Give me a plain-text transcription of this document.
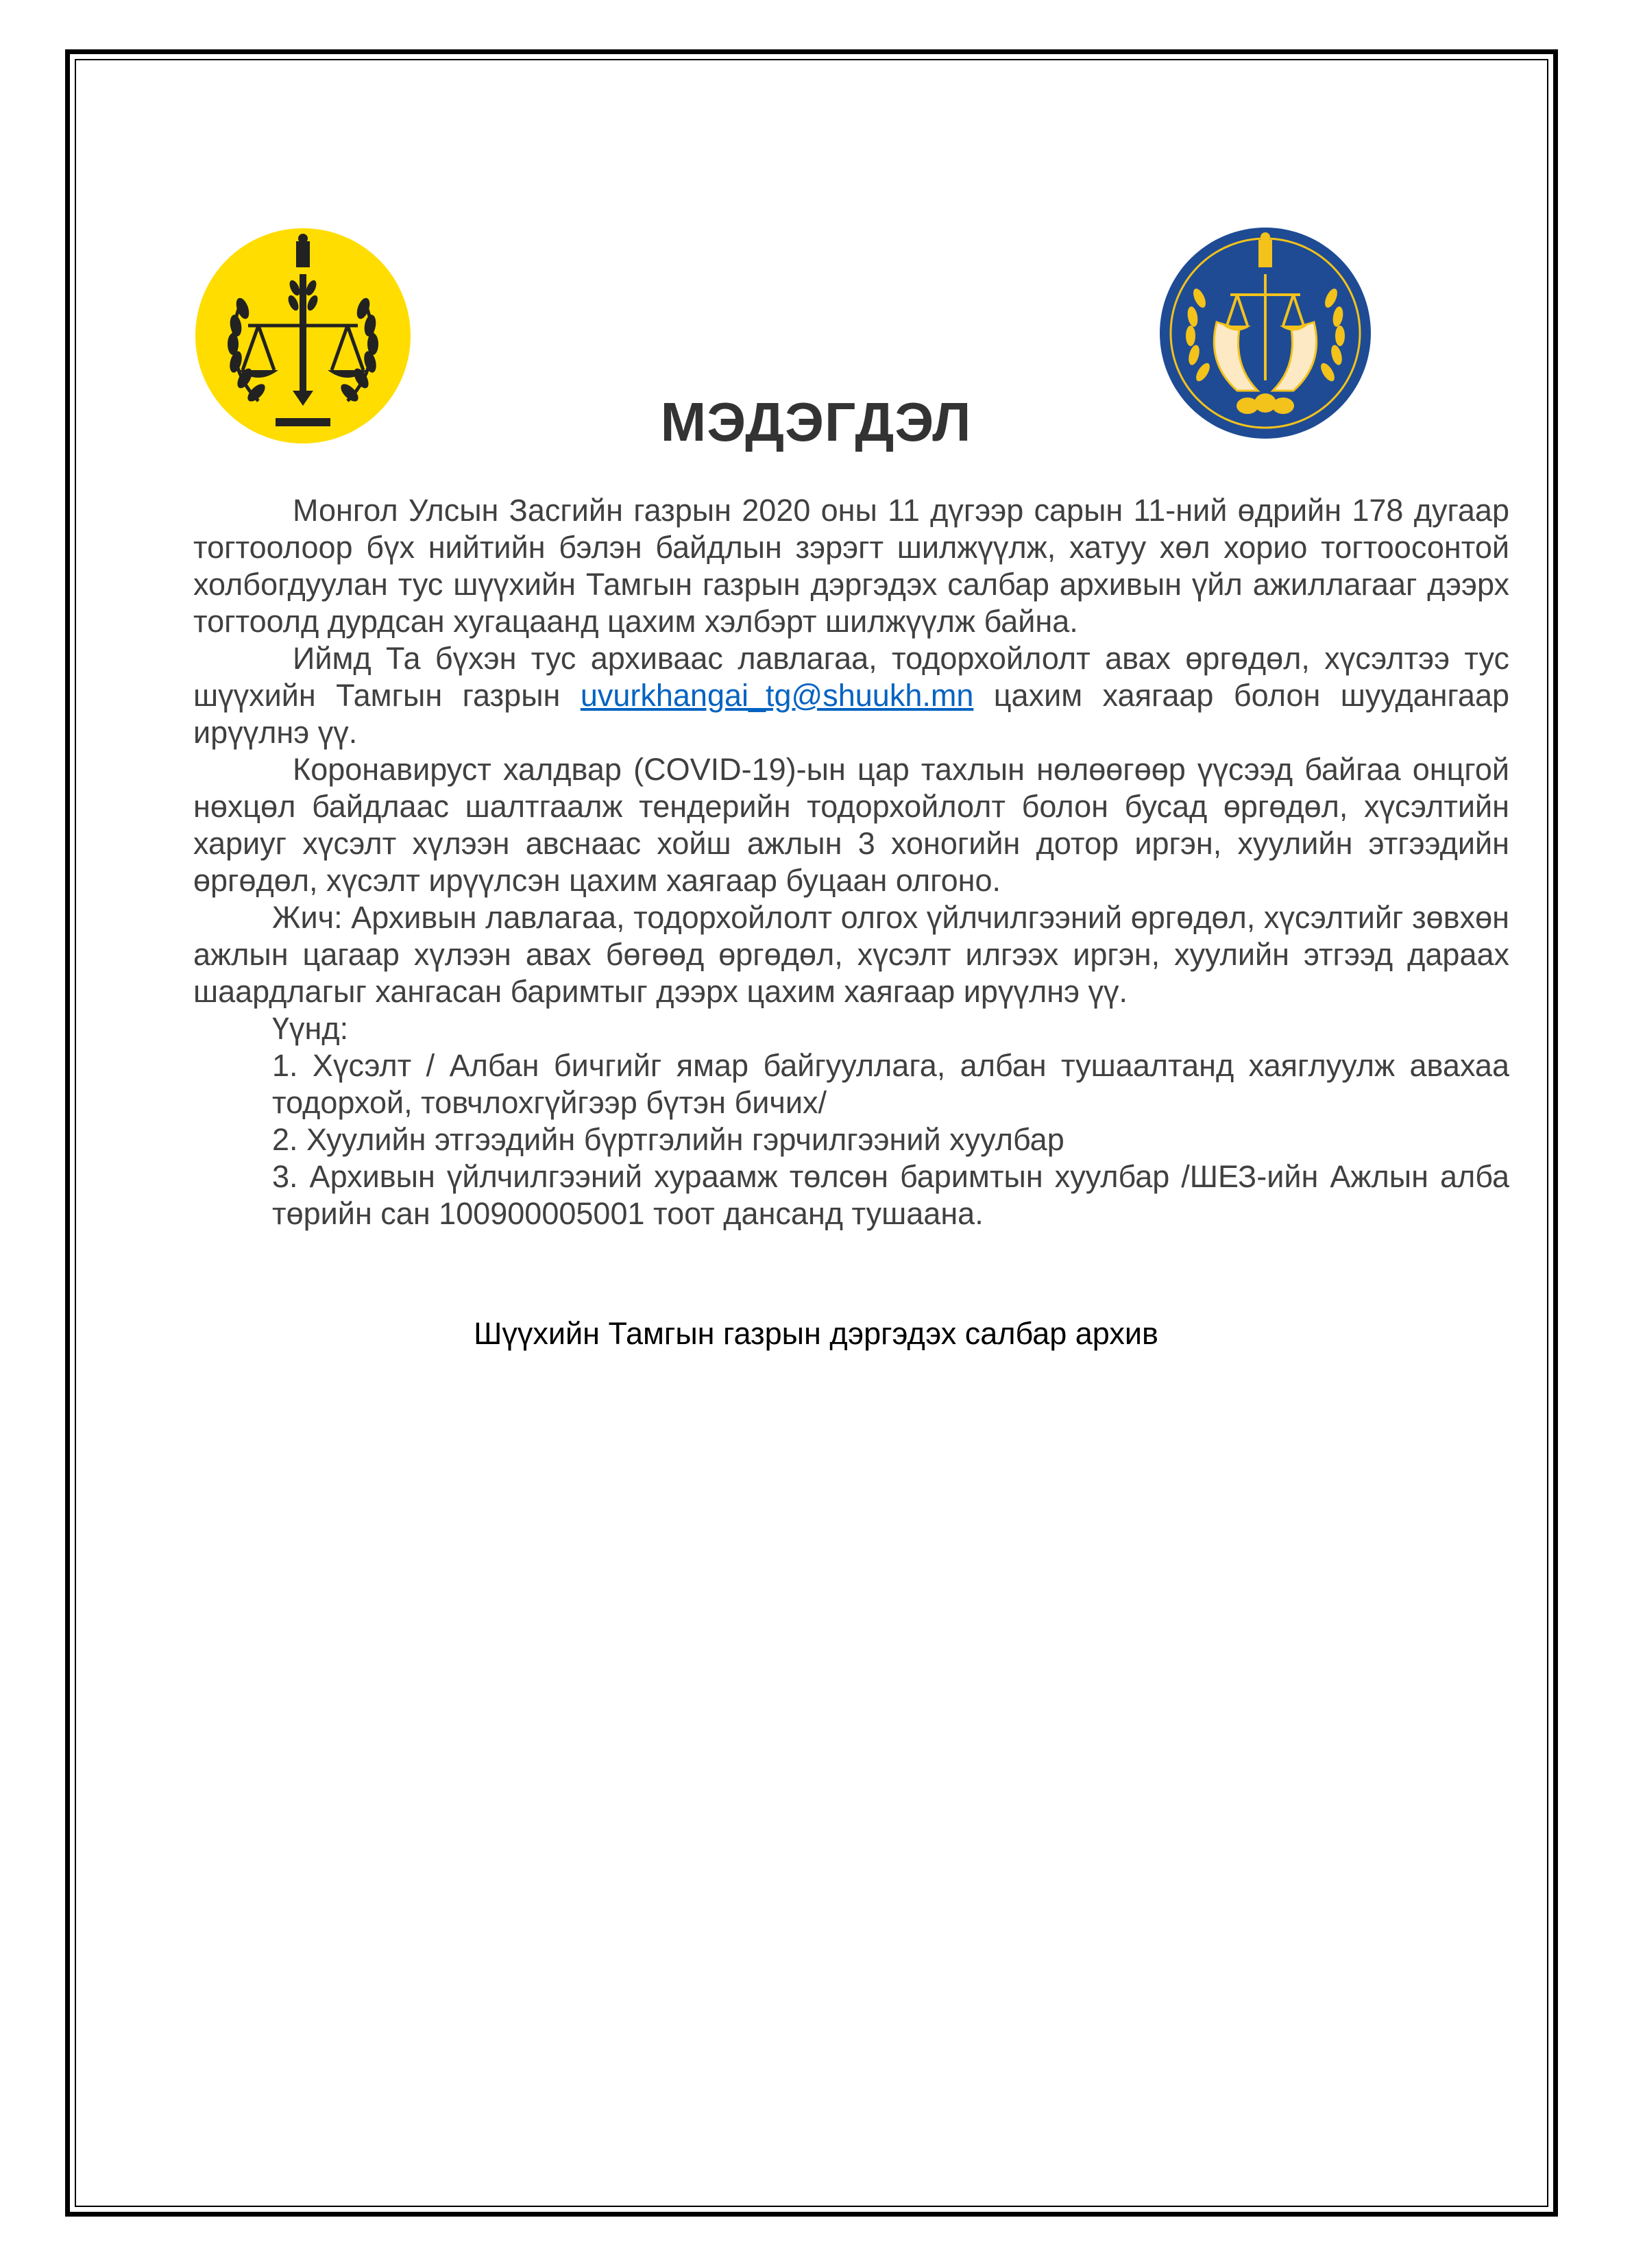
МЭДЭГДЭЛ

Монгол Улсын Засгийн газрын 2020 оны 11 дүгээр сарын 11-ний өдрийн 178 дугаар тогтоолоор бүх нийтийн бэлэн байдлын зэрэгт шилжүүлж, хатуу хөл хорио тогтоосонтой холбогдуулан тус шүүхийн Тамгын газрын дэргэдэх салбар архивын үйл ажиллагааг дээрх тогтоолд дурдсан хугацаанд цахим хэлбэрт шилжүүлж байна.

Иймд Та бүхэн тус архиваас лавлагаа, тодорхойлолт авах өргөдөл, хүсэлтээ тус шүүхийн Тамгын газрын uvurkhangai_tg@shuukh.mn цахим хаягаар болон шуудангаар ирүүлнэ үү.

Коронавируст халдвар (COVID-19)-ын цар тахлын нөлөөгөөр үүсээд байгаа онцгой нөхцөл байдлаас шалтгаалж тендерийн тодорхойлолт болон бусад өргөдөл, хүсэлтийн хариуг хүсэлт хүлээн авснаас хойш ажлын 3 хоногийн дотор иргэн, хуулийн этгээдийн өргөдөл, хүсэлт ирүүлсэн цахим хаягаар буцаан олгоно.

Жич: Архивын лавлагаа, тодорхойлолт олгох үйлчилгээний өргөдөл, хүсэлтийг зөвхөн ажлын цагаар хүлээн авах бөгөөд өргөдөл, хүсэлт илгээх иргэн, хуулийн этгээд дараах шаардлагыг хангасан баримтыг дээрх цахим хаягаар ирүүлнэ үү.

Үүнд:

1. Хүсэлт / Албан бичгийг ямар байгууллага, албан тушаалтанд хаяглуулж авахаа тодорхой, товчлохгүйгээр бүтэн бичих/

2. Хуулийн этгээдийн бүртгэлийн гэрчилгээний хуулбар

3. Архивын үйлчилгээний хураамж төлсөн баримтын хуулбар /ШЕЗ-ийн Ажлын алба төрийн сан 100900005001 тоот дансанд тушаана.

Шүүхийн Тамгын газрын дэргэдэх салбар архив
